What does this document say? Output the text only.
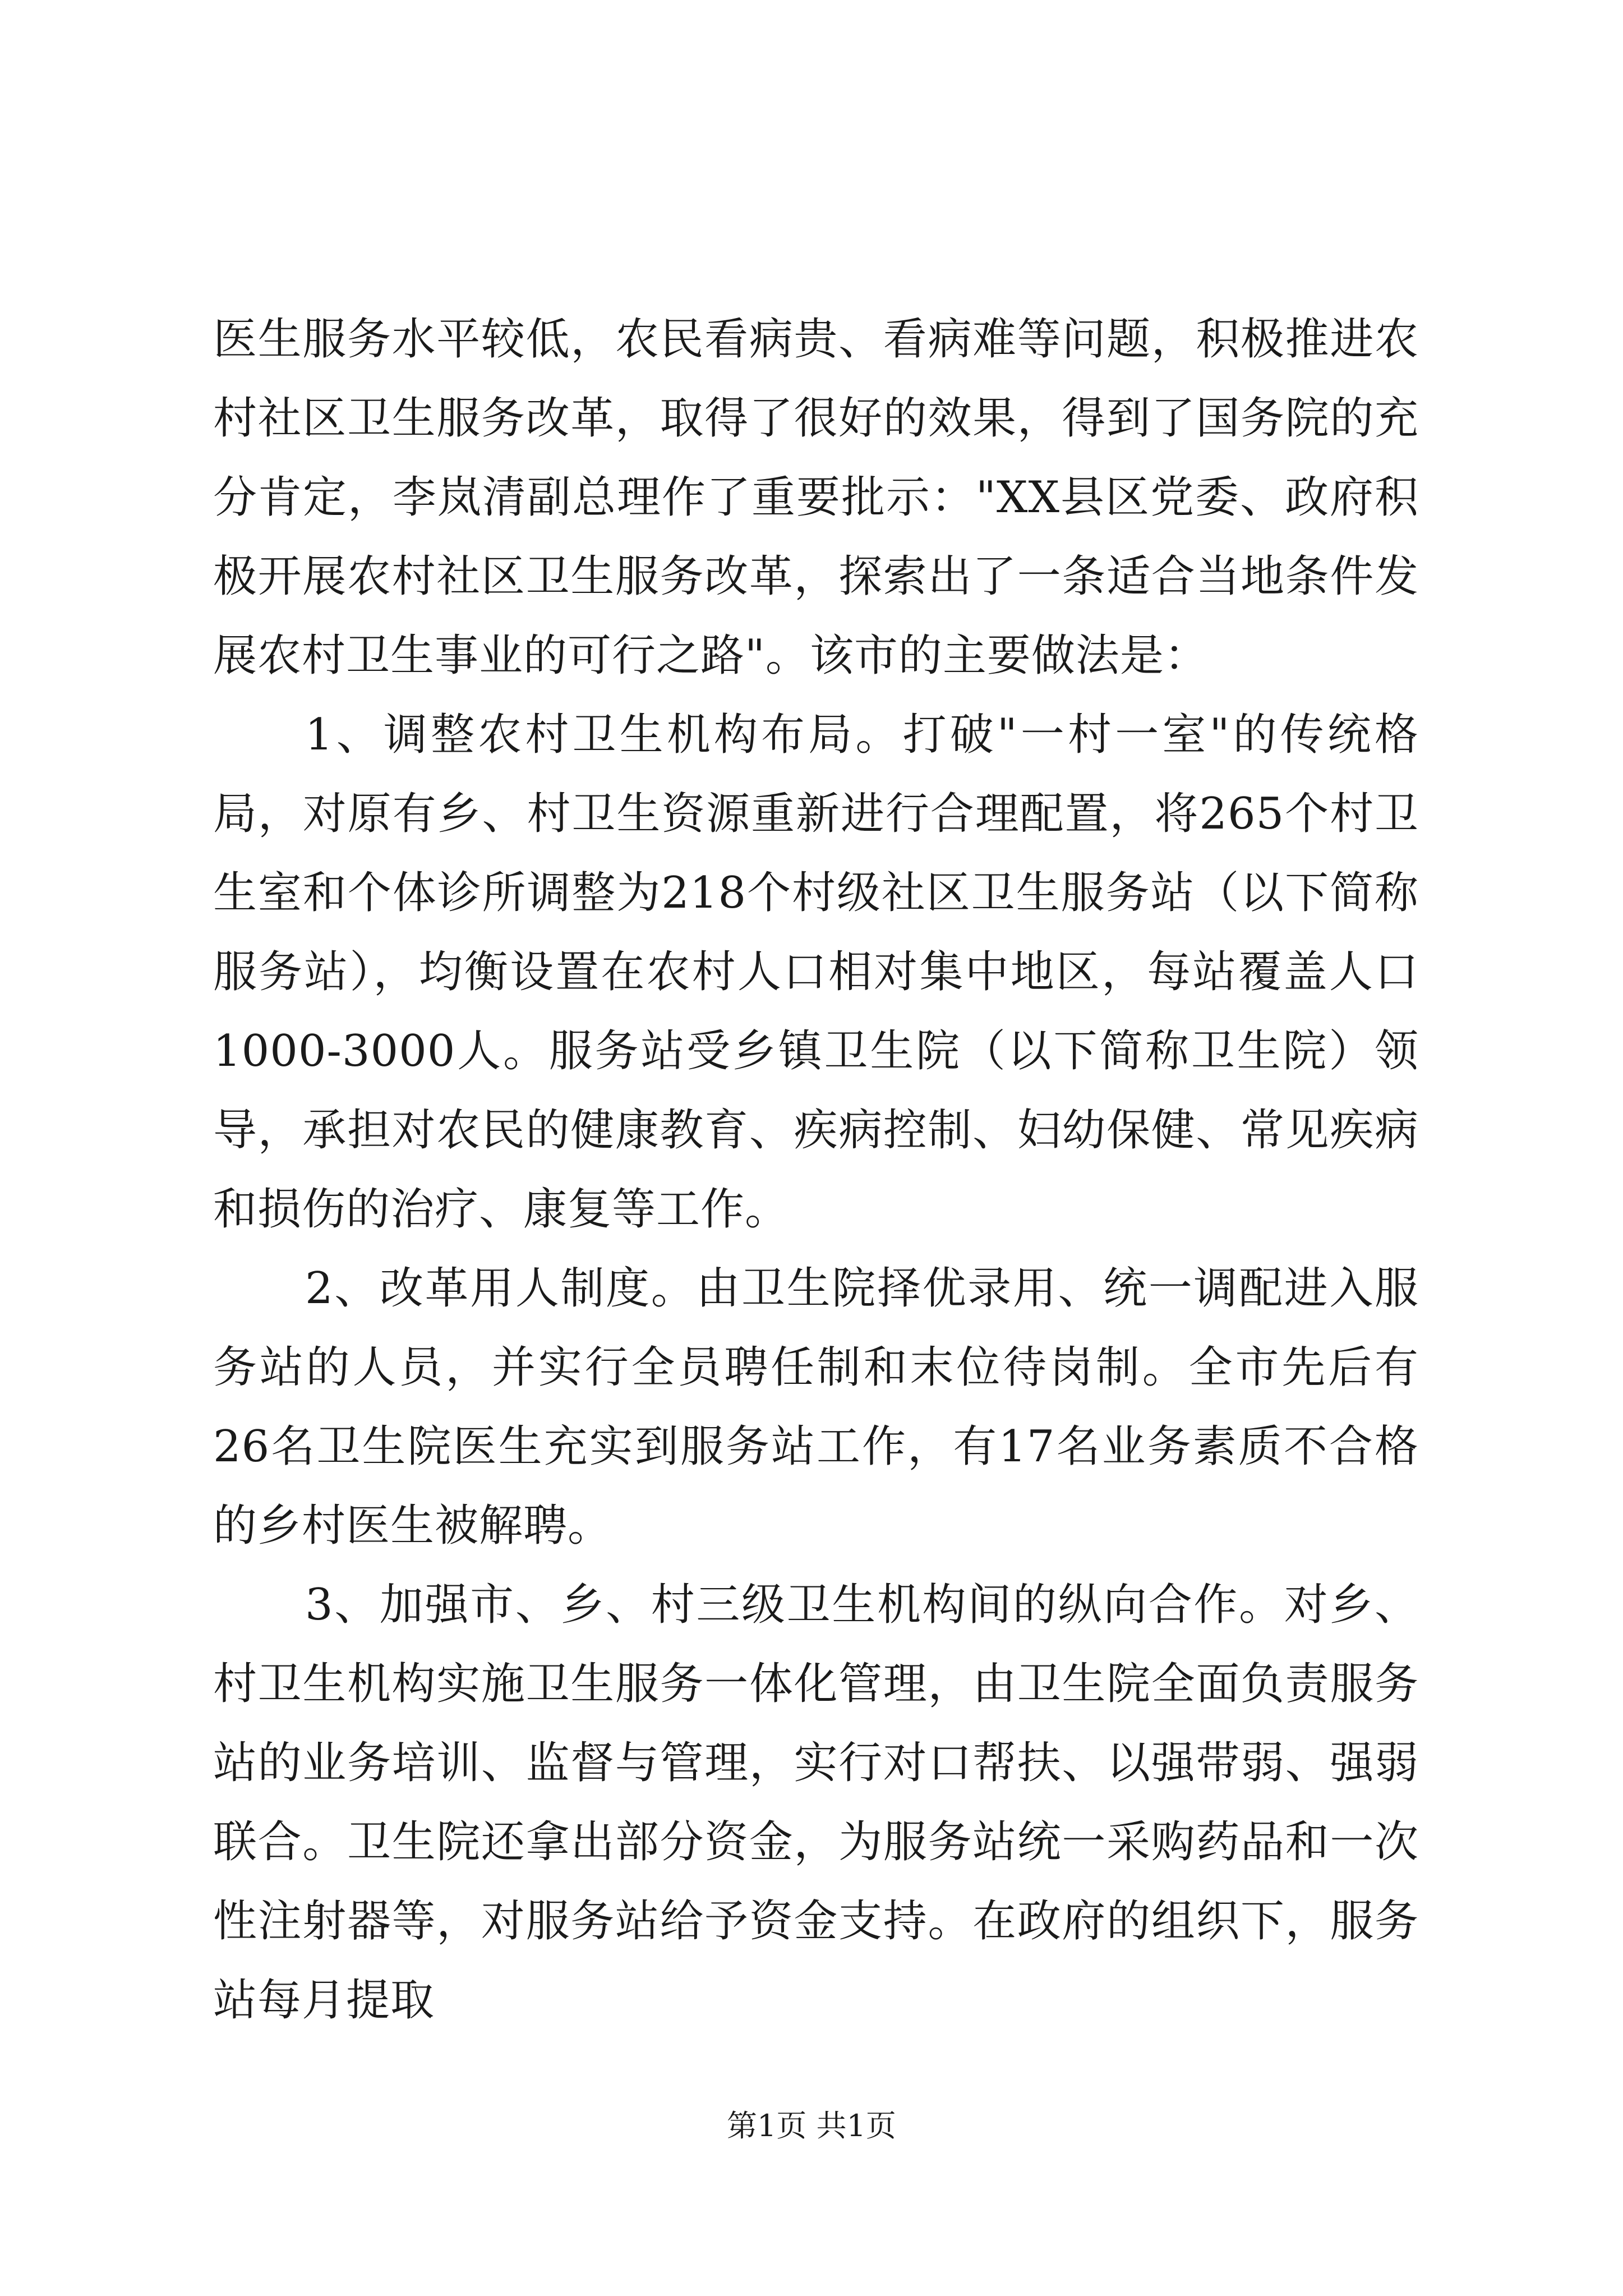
医生服务水平较低，农民看病贵、看病难等问题，积极推进农村社区卫生服务改革，取得了很好的效果，得到了国务院的充分肯定，李岚清副总理作了重要批示："XX县区党委、政府积极开展农村社区卫生服务改革，探索出了一条适合当地条件发展农村卫生事业的可行之路"。该市的主要做法是：

1、调整农村卫生机构布局。打破"一村一室"的传统格局，对原有乡、村卫生资源重新进行合理配置，将265个村卫生室和个体诊所调整为218个村级社区卫生服务站（以下简称服务站），均衡设置在农村人口相对集中地区，每站覆盖人口1000-3000人。服务站受乡镇卫生院（以下简称卫生院）领导，承担对农民的健康教育、疾病控制、妇幼保健、常见疾病和损伤的治疗、康复等工作。

2、改革用人制度。由卫生院择优录用、统一调配进入服务站的人员，并实行全员聘任制和末位待岗制。全市先后有26名卫生院医生充实到服务站工作，有17名业务素质不合格的乡村医生被解聘。

3、加强市、乡、村三级卫生机构间的纵向合作。对乡、村卫生机构实施卫生服务一体化管理，由卫生院全面负责服务站的业务培训、监督与管理，实行对口帮扶、以强带弱、强弱联合。卫生院还拿出部分资金，为服务站统一采购药品和一次性注射器等，对服务站给予资金支持。在政府的组织下，服务站每月提取

第1页 共1页
